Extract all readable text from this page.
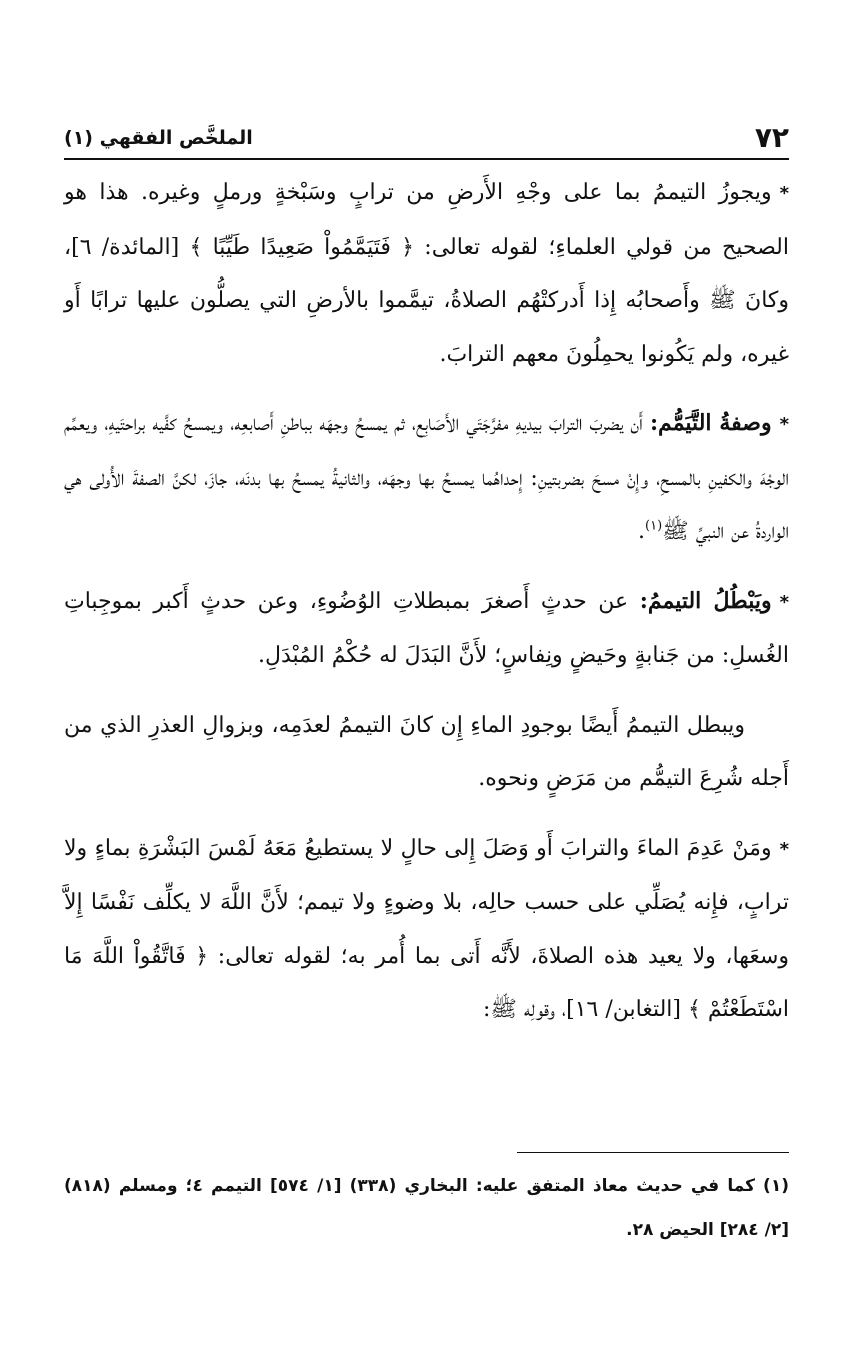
٧٢
الملخَّص الفقهي (١)

*ويجوزُ التيممُ بما على وجْهِ الأَرضِ من ترابٍ وسَبْخةٍ ورملٍ وغيره. هذا هو الصحيح من قولي العلماءِ؛ لقوله تعالى: ﴿ فَتَيَمَّمُواْ صَعِيدًا طَيِّبًا ﴾ [المائدة/ ٦]، وكانَ ﷺ وأَصحابُه إِذا أَدركتْهُم الصلاةُ، تيمَّموا بالأرضِ التي يصلُّون عليها ترابًا أَو غيره، ولم يَكُونوا يحمِلُونَ معهم الترابَ.

*وصفةُ التَّيَمُّم: أَن يضربَ الترابَ بيديهِ مفرَّجَتَي الأَصَابِع، ثم يمسحُ وجهَه بباطنِ أَصابعِه، ويمسحُ كفَّيه براحتَيهِ، ويعمِّم الوجْهَ والكفينِ بالمسحِ، وإِنْ مسحَ بضربتينِ: إِحداهُما يمسحُ بها وجهَه، والثانيةُ يمسحُ بها بدنَه، جازَ، لكنَّ الصفةَ الأُولى هي الواردةُ عن النبيِّ ﷺ$^{(١)}$.

*ويَبْطُلُ التيممُ: عن حدثٍ أَصغرَ بمبطلاتِ الوُضُوءِ، وعن حدثٍ أَكبر بموجِباتِ الغُسلِ: من جَنابةٍ وحَيضٍ ونِفاسٍ؛ لأَنَّ البَدَلَ له حُكْمُ المُبْدَلِ.

ويبطل التيممُ أَيضًا بوجودِ الماءِ إِن كانَ التيممُ لعدَمِه، وبزوالِ العذرِ الذي من أَجله شُرِعَ التيمُّم من مَرَضٍ ونحوه.

*ومَنْ عَدِمَ الماءَ والترابَ أَو وَصَلَ إِلى حالٍ لا يستطيعُ مَعَهُ لَمْسَ البَشْرَةِ بماءٍ ولا ترابٍ، فإِنه يُصَلِّي على حسب حالِه، بلا وضوءٍ ولا تيمم؛ لأَنَّ اللَّهَ لا يكلِّف نَفْسًا إِلاَّ وسعَها، ولا يعيد هذه الصلاةَ، لأَنَّه أَتى بما أُمر به؛ لقوله تعالى: ﴿ فَاتَّقُواْ اللَّهَ مَا اسْتَطَعْتُمْ ﴾ [التغابن/ ١٦]، وقولِه ﷺ:

(١)كما في حديث معاذ المتفق عليه: البخاري (٣٣٨) [١/ ٥٧٤] التيمم ٤؛ ومسلم (٨١٨) [٢/ ٢٨٤] الحيض ٢٨.
